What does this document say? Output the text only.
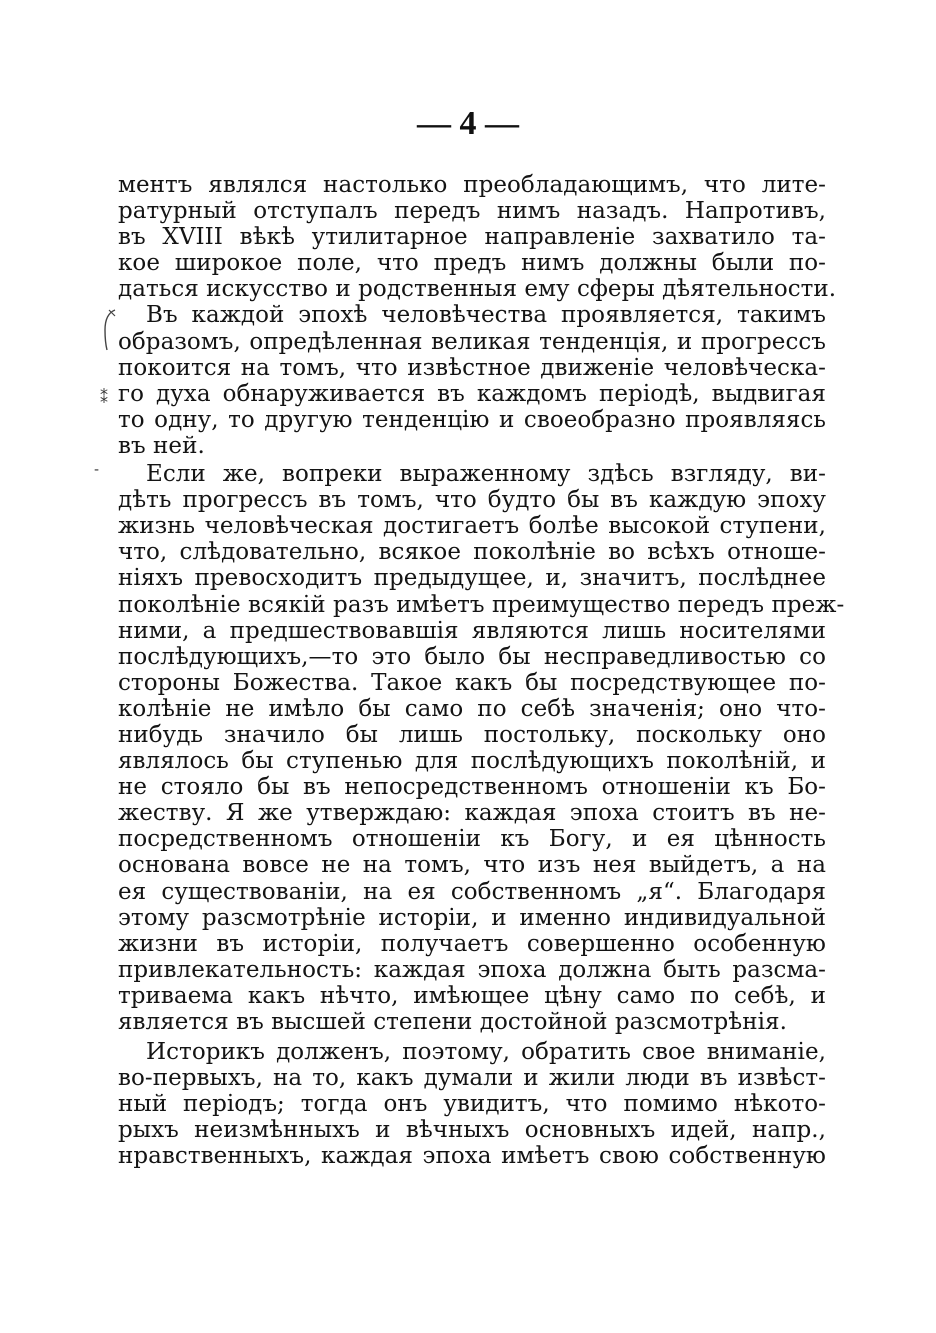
— 4 —
⁑
-
ментъ являлся настолько преобладающимъ, что лите-
ратурный отступалъ передъ нимъ назадъ. Напротивъ,
въ XVIII вѣкѣ утилитарное направленіе захватило та-
кое широкое поле, что предъ нимъ должны были по-
даться искусство и родственныя ему сферы дѣятельности.
Въ каждой эпохѣ человѣчества проявляется, такимъ
образомъ, опредѣленная великая тенденція, и прогрессъ
покоится на томъ, что извѣстное движеніе человѣческа-
го духа обнаруживается въ каждомъ періодѣ, выдвигая
то одну, то другую тенденцію и своеобразно проявляясь
въ ней.
Если же, вопреки выраженному здѣсь взгляду, ви-
дѣть прогрессъ въ томъ, что будто бы въ каждую эпоху
жизнь человѣческая достигаетъ болѣе высокой ступени,
что, слѣдовательно, всякое поколѣніе во всѣхъ отноше-
ніяхъ превосходитъ предыдущее, и, значитъ, послѣднее
поколѣніе всякій разъ имѣетъ преимущество передъ преж-
ними, а предшествовавшія являются лишь носителями
послѣдующихъ,—то это было бы несправедливостью со
стороны Божества. Такое какъ бы посредствующее по-
колѣніе не имѣло бы само по себѣ значенія; оно что-
нибудь значило бы лишь постольку, поскольку оно
являлось бы ступенью для послѣдующихъ поколѣній, и
не стояло бы въ непосредственномъ отношеніи къ Бо-
жеству. Я же утверждаю: каждая эпоха стоитъ въ не-
посредственномъ отношеніи къ Богу, и ея цѣнность
основана вовсе не на томъ, что изъ нея выйдетъ, а на
ея существованіи, на ея собственномъ „я“. Благодаря
этому разсмотрѣніе исторіи, и именно индивидуальной
жизни въ исторіи, получаетъ совершенно особенную
привлекательность: каждая эпоха должна быть разсма-
триваема какъ нѣчто, имѣющее цѣну само по себѣ, и
является въ высшей степени достойной разсмотрѣнія.
Историкъ долженъ, поэтому, обратить свое вниманіе,
во-первыхъ, на то, какъ думали и жили люди въ извѣст-
ный періодъ; тогда онъ увидитъ, что помимо нѣкото-
рыхъ неизмѣнныхъ и вѣчныхъ основныхъ идей, напр.,
нравственныхъ, каждая эпоха имѣетъ свою собственную
